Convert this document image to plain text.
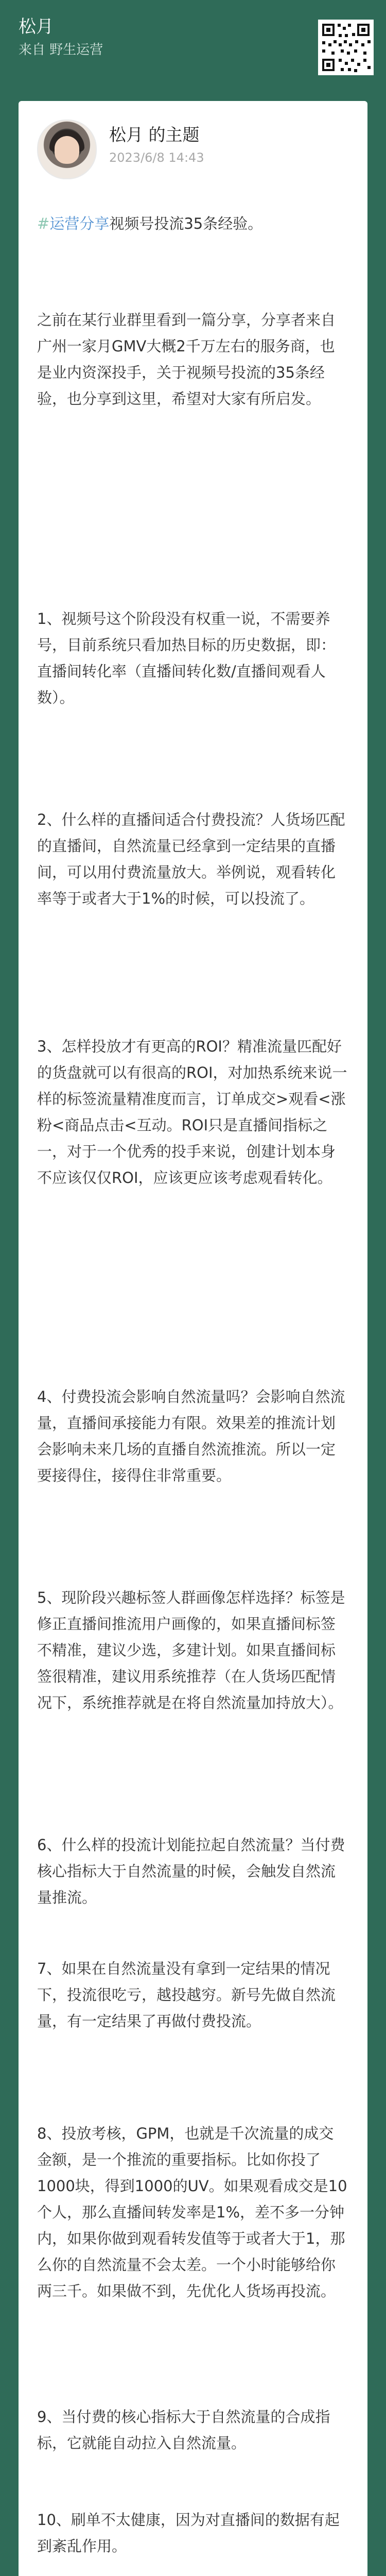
松月
来自 野生运营
松月 的主题
2023/6/8 14:43
#运营分享视频号投流35条经验。
之前在某行业群里看到一篇分享，分享者来自广州一家月GMV大概2千万左右的服务商，也是业内资深投手，关于视频号投流的35条经验，也分享到这里，希望对大家有所启发。
1、视频号这个阶段没有权重一说，不需要养号，目前系统只看加热目标的历史数据，即：直播间转化率（直播间转化数/直播间观看人数）。
2、什么样的直播间适合付费投流？人货场匹配的直播间，自然流量已经拿到一定结果的直播间，可以用付费流量放大。举例说，观看转化率等于或者大于1%的时候，可以投流了。
3、怎样投放才有更高的ROI？精准流量匹配好的货盘就可以有很高的ROI，对加热系统来说一样的标签流量精准度而言，订单成交>观看<涨粉<商品点击<互动。ROI只是直播间指标之一，对于一个优秀的投手来说，创建计划本身不应该仅仅ROI，应该更应该考虑观看转化。
4、付费投流会影响自然流量吗？会影响自然流量，直播间承接能力有限。效果差的推流计划会影响未来几场的直播自然流推流。所以一定要接得住，接得住非常重要。
5、现阶段兴趣标签人群画像怎样选择？标签是修正直播间推流用户画像的，如果直播间标签不精准，建议少选，多建计划。如果直播间标签很精准，建议用系统推荐（在人货场匹配情况下，系统推荐就是在将自然流量加持放大）。
6、什么样的投流计划能拉起自然流量？当付费核心指标大于自然流量的时候，会触发自然流量推流。
7、如果在自然流量没有拿到一定结果的情况下，投流很吃亏，越投越穷。新号先做自然流量，有一定结果了再做付费投流。
8、投放考核，GPM，也就是千次流量的成交金额，是一个推流的重要指标。比如你投了1000块，得到1000的UV。如果观看成交是10个人，那么直播间转发率是1%，差不多一分钟内，如果你做到观看转发值等于或者大于1，那么你的自然流量不会太差。一个小时能够给你两三千。如果做不到，先优化人货场再投流。
9、当付费的核心指标大于自然流量的合成指标，它就能自动拉入自然流量。
10、刷单不太健康，因为对直播间的数据有起到紊乱作用。
